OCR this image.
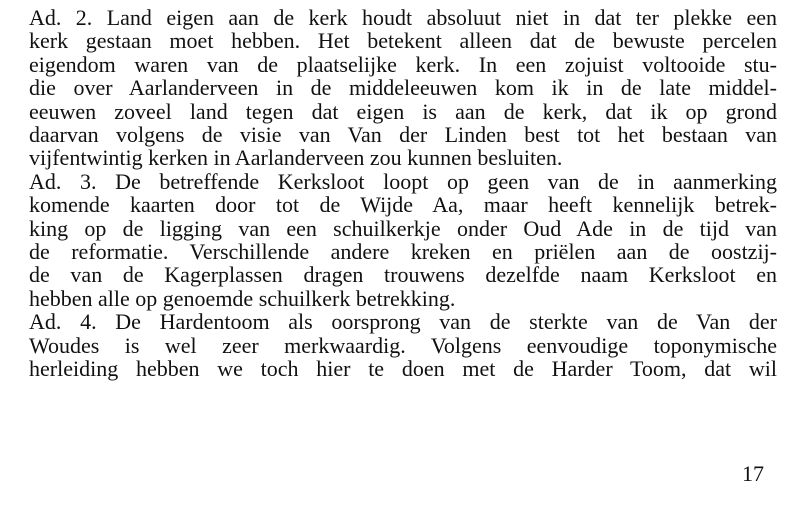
Ad. 2. Land eigen aan de kerk houdt absoluut niet in dat ter plekke een
kerk gestaan moet hebben. Het betekent alleen dat de bewuste percelen
eigendom waren van de plaatselijke kerk. In een zojuist voltooide stu-
die over Aarlanderveen in de middeleeuwen kom ik in de late middel-
eeuwen zoveel land tegen dat eigen is aan de kerk, dat ik op grond
daarvan volgens de visie van Van der Linden best tot het bestaan van
vijfentwintig kerken in Aarlanderveen zou kunnen besluiten.
Ad. 3. De betreffende Kerksloot loopt op geen van de in aanmerking
komende kaarten door tot de Wijde Aa, maar heeft kennelijk betrek-
king op de ligging van een schuilkerkje onder Oud Ade in de tijd van
de reformatie. Verschillende andere kreken en priëlen aan de oostzij-
de van de Kagerplassen dragen trouwens dezelfde naam Kerksloot en
hebben alle op genoemde schuilkerk betrekking.
Ad. 4. De Hardentoom als oorsprong van de sterkte van de Van der
Woudes is wel zeer merkwaardig. Volgens eenvoudige toponymische
herleiding hebben we toch hier te doen met de Harder Toom, dat wil
17
